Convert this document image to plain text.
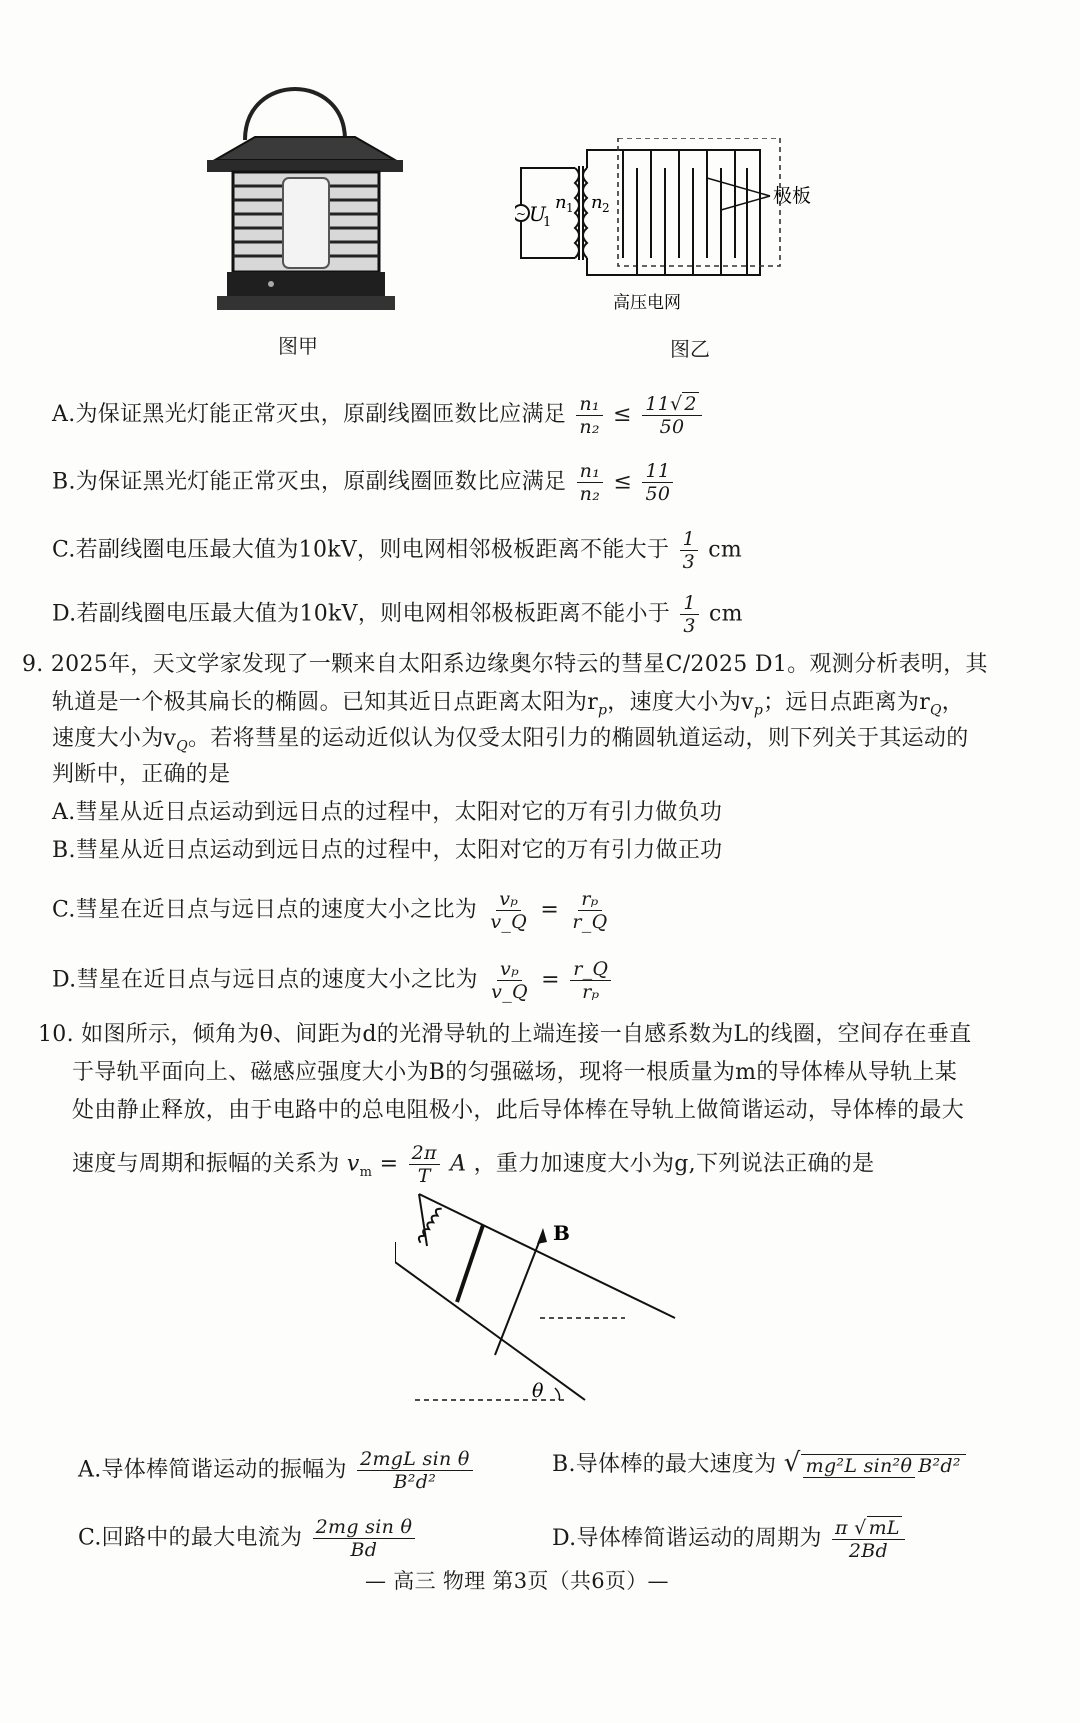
图甲
~ U
1
n 1 n 2
极板
高压电网
图乙
A.为保证黑光灯能正常灭虫，原副线圈匝数比应满足 $\frac{\text{n₁}}{\text{n₂}} \le \frac{11√ 2}{50}$
B.为保证黑光灯能正常灭虫，原副线圈匝数比应满足 $\frac{\text{n₁}}{\text{n₂}} \le \frac{11}{50}$
C.若副线圈电压最大值为10kV，则电网相邻极板距离不能大于 $\frac{1}{3}$ cm
D.若副线圈电压最大值为10kV，则电网相邻极板距离不能小于 $\frac{1}{3}$ cm
9. 2025年，天文学家发现了一颗来自太阳系边缘奥尔特云的彗星C/2025 D1。观测分析表明，其
轨道是一个极其扁长的椭圆。已知其近日点距离太阳为$r_p$，速度大小为$v_p$；远日点距离为$r_Q$，
速度大小为$v_Q$。若将彗星的运动近似认为仅受太阳引力的椭圆轨道运动，则下列关于其运动的
判断中，正确的是
A.彗星从近日点运动到远日点的过程中，太阳对它的万有引力做负功
B.彗星从近日点运动到远日点的过程中，太阳对它的万有引力做正功
C.彗星在近日点与远日点的速度大小之比为 $\frac{\text{vₚ}}{v\_Q} = \frac{\text{rₚ}}{r\_Q}$
D.彗星在近日点与远日点的速度大小之比为 $\frac{\text{vₚ}}{v\_Q} = \frac{r\_Q}{\text{rₚ}}$
10. 如图所示，倾角为θ、间距为d的光滑导轨的上端连接一自感系数为L的线圈，空间存在垂直
于导轨平面向上、磁感应强度大小为B的匀强磁场，现将一根质量为m的导体棒从导轨上某
处由静止释放，由于电路中的总电阻极小，此后导体棒在导轨上做简谐运动，导体棒的最大
速度与周期和振幅的关系为 $v_m = \frac{2\pi}{T}$ A ，重力加速度大小为g,下列说法正确的是
B
θ
A.导体棒简谐运动的振幅为 $\frac{\text{2mgL sin θ}}{\text{B²d²}}$	B.导体棒的最大速度为 √ mg²L sin²θ B²d²
C.回路中的最大电流为 $\frac{\text{2mg sin θ}}{Bd}$	D.导体棒简谐运动的周期为 $\frac{\pi √ mL}{2Bd}$
— 高三 物理 第3页（共6页）—
